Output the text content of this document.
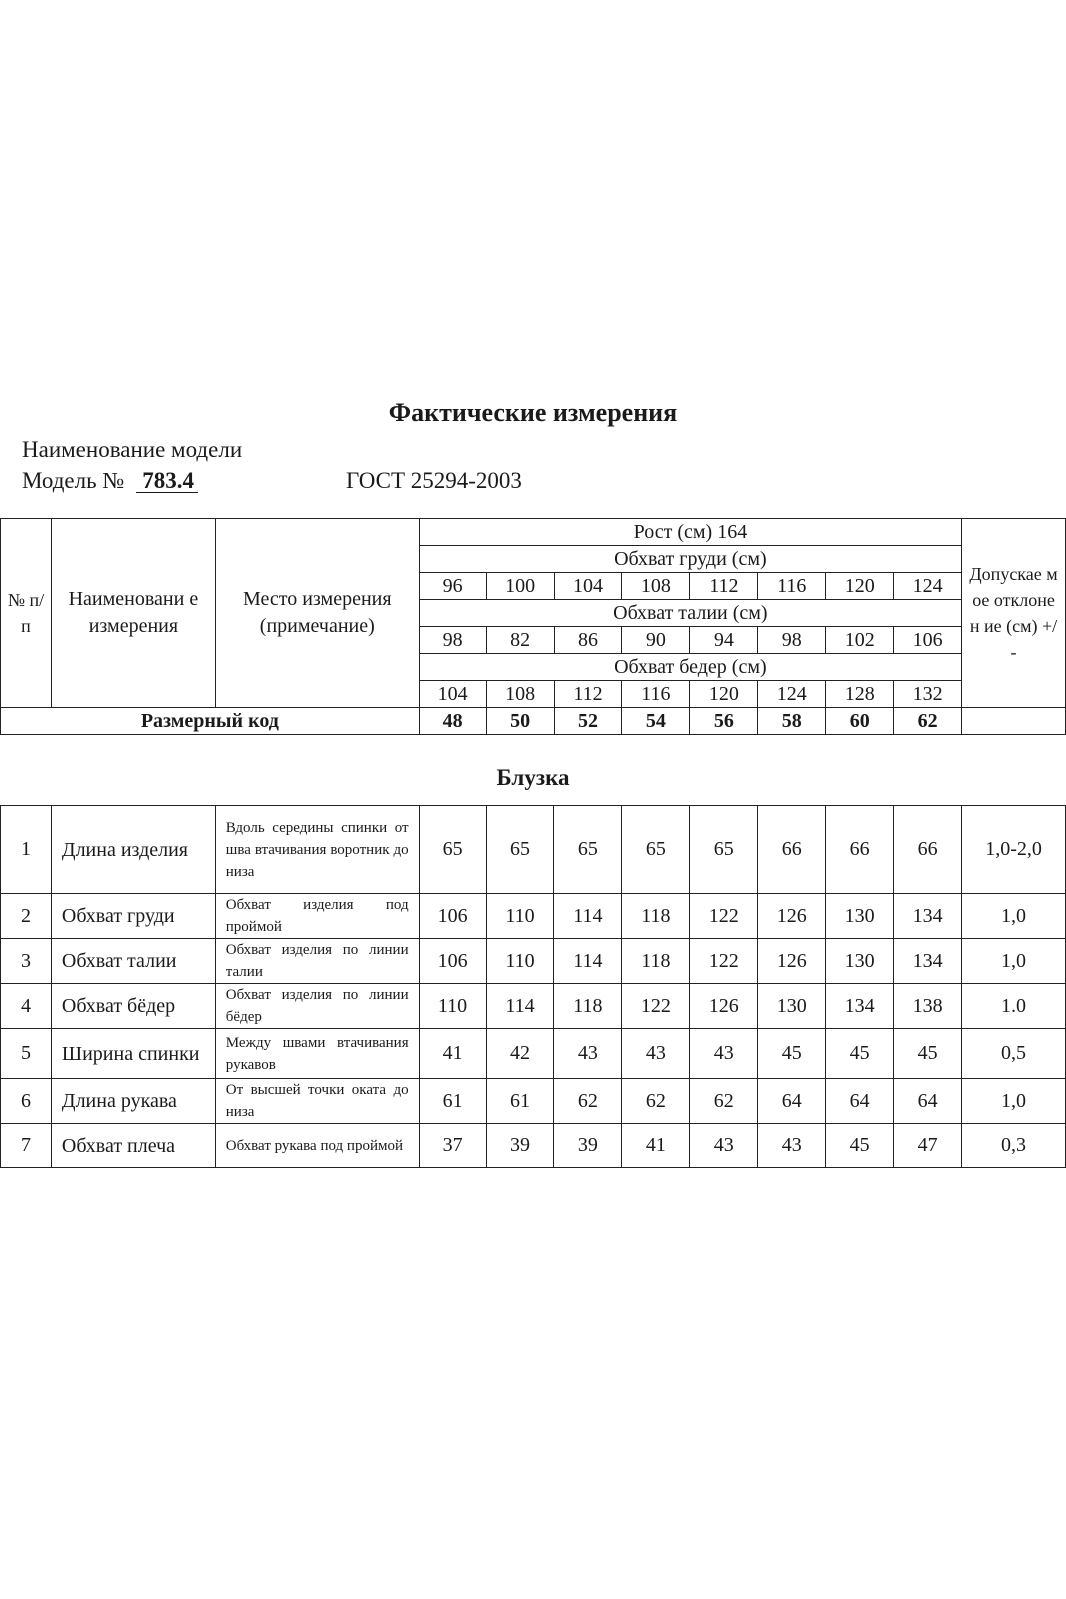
Фактические измерения
Наименование модели
Модель № 783.4	ГОСТ 25294-2003
№ п/п	Наименовани е измерения	Место измерения (примечание)	Рост (см) 164								Допускае мое отклонен ие (см) +/-
			Обхват груди (см)								
			96	100	104	108	112	116	120	124	
			Обхват талии (см)								
			98	82	86	90	94	98	102	106	
			Обхват бедер (см)								
			104	108	112	116	120	124	128	132	
Размерный код			48	50	52	54	56	58	60	62	
Блузка
1	Длина изделия	Вдоль середины спинки от шва втачивания воротник до низа	65	65	65	65	65	66	66	66	1,0-2,0
2	Обхват груди	Обхват изделия под проймой	106	110	114	118	122	126	130	134	1,0
3	Обхват талии	Обхват изделия по линии талии	106	110	114	118	122	126	130	134	1,0
4	Обхват бёдер	Обхват изделия по линии бёдер	110	114	118	122	126	130	134	138	1.0
5	Ширина спинки	Между швами втачивания рукавов	41	42	43	43	43	45	45	45	0,5
6	Длина рукава	От высшей точки оката до низа	61	61	62	62	62	64	64	64	1,0
7	Обхват плеча	Обхват рукава под проймой	37	39	39	41	43	43	45	47	0,3
